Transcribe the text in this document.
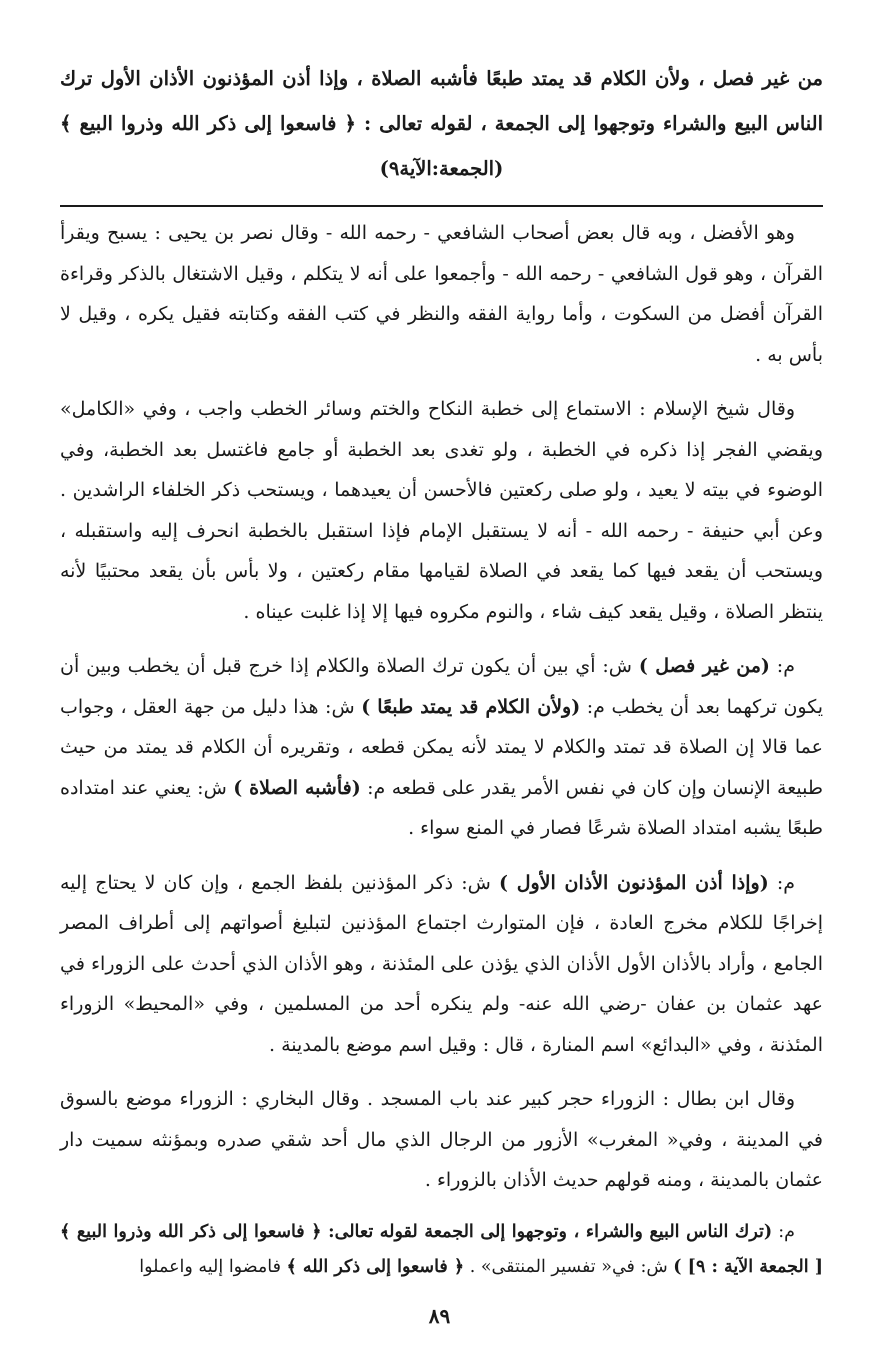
من غير فصل ، ولأن الكلام قد يمتد طبعًا فأشبه الصلاة ، وإذا أذن المؤذنون الأذان الأول ترك
الناس البيع والشراء وتوجهوا إلى الجمعة ، لقوله تعالى : ﴿ فاسعوا إلى ذكر الله وذروا البيع ﴾
(الجمعة:الآية٩)

وهو الأفضل ، وبه قال بعض أصحاب الشافعي - رحمه الله - وقال نصر بن يحيى : يسبح ويقرأ القرآن ، وهو قول الشافعي - رحمه الله - وأجمعوا على أنه لا يتكلم ، وقيل الاشتغال بالذكر وقراءة القرآن أفضل من السكوت ، وأما رواية الفقه والنظر في كتب الفقه وكتابته فقيل يكره ، وقيل لا بأس به .

وقال شيخ الإسلام : الاستماع إلى خطبة النكاح والختم وسائر الخطب واجب ، وفي «الكامل» ويقضي الفجر إذا ذكره في الخطبة ، ولو تغدى بعد الخطبة أو جامع فاغتسل بعد الخطبة، وفي الوضوء في بيته لا يعيد ، ولو صلى ركعتين فالأحسن أن يعيدهما ، ويستحب ذكر الخلفاء الراشدين . وعن أبي حنيفة - رحمه الله - أنه لا يستقبل الإمام فإذا استقبل بالخطبة انحرف إليه واستقبله ، ويستحب أن يقعد فيها كما يقعد في الصلاة لقيامها مقام ركعتين ، ولا بأس بأن يقعد محتبيًا لأنه ينتظر الصلاة ، وقيل يقعد كيف شاء ، والنوم مكروه فيها إلا إذا غلبت عيناه .

م: (من غير فصل ) ش: أي بين أن يكون ترك الصلاة والكلام إذا خرج قبل أن يخطب وبين أن يكون تركهما بعد أن يخطب م: (ولأن الكلام قد يمتد طبعًا ) ش: هذا دليل من جهة العقل ، وجواب عما قالا إن الصلاة قد تمتد والكلام لا يمتد لأنه يمكن قطعه ، وتقريره أن الكلام قد يمتد من حيث طبيعة الإنسان وإن كان في نفس الأمر يقدر على قطعه م: (فأشبه الصلاة ) ش: يعني عند امتداده طبعًا يشبه امتداد الصلاة شرعًا فصار في المنع سواء .

م: (وإذا أذن المؤذنون الأذان الأول ) ش: ذكر المؤذنين بلفظ الجمع ، وإن كان لا يحتاج إليه إخراجًا للكلام مخرج العادة ، فإن المتوارث اجتماع المؤذنين لتبليغ أصواتهم إلى أطراف المصر الجامع ، وأراد بالأذان الأول الأذان الذي يؤذن على المئذنة ، وهو الأذان الذي أحدث على الزوراء في عهد عثمان بن عفان -رضي الله عنه- ولم ينكره أحد من المسلمين ، وفي «المحيط» الزوراء المئذنة ، وفي «البدائع» اسم المنارة ، قال : وقيل اسم موضع بالمدينة .

وقال ابن بطال : الزوراء حجر كبير عند باب المسجد . وقال البخاري : الزوراء موضع بالسوق في المدينة ، وفي« المغرب» الأزور من الرجال الذي مال أحد شقي صدره وبمؤنثه سميت دار عثمان بالمدينة ، ومنه قولهم حديث الأذان بالزوراء .

م: (ترك الناس البيع والشراء ، وتوجهوا إلى الجمعة لقوله تعالى: ﴿ فاسعوا إلى ذكر الله وذروا البيع ﴾ [ الجمعة الآية : ٩] ) ش: في« تفسير المنتقى» . ﴿ فاسعوا إلى ذكر الله ﴾ فامضوا إليه واعملوا

٨٩
